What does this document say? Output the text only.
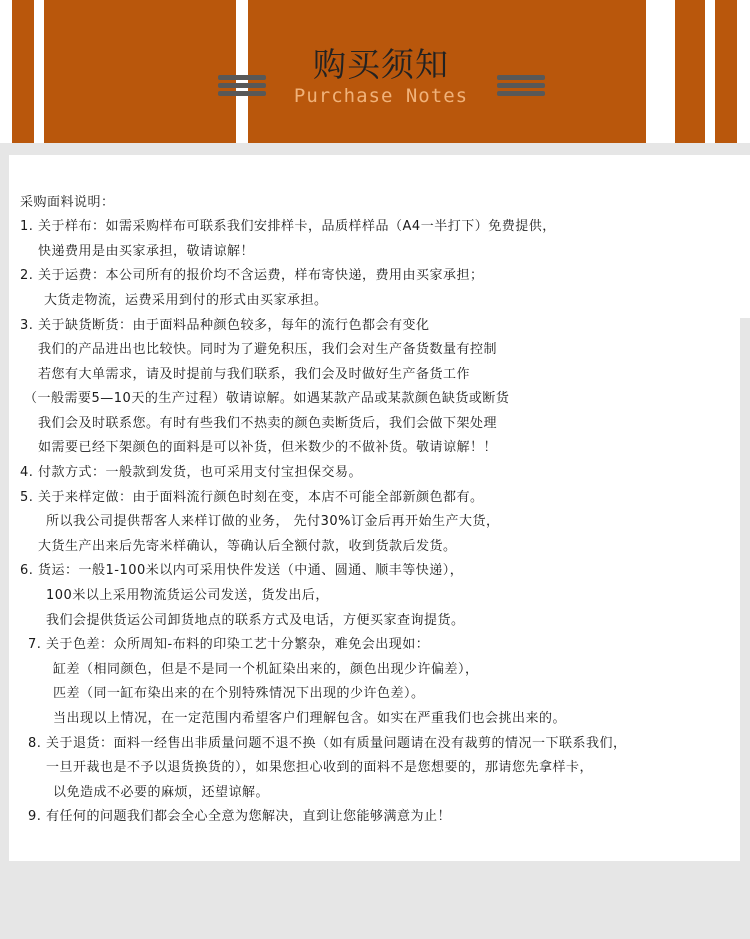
购买须知
Purchase Notes
采购面料说明：
1. 关于样布：如需采购样布可联系我们安排样卡，品质样样品（A4一半打下）免费提供，
快递费用是由买家承担，敬请谅解！
2. 关于运费：本公司所有的报价均不含运费，样布寄快递，费用由买家承担；
大货走物流，运费采用到付的形式由买家承担。
3. 关于缺货断货：由于面料品种颜色较多，每年的流行色都会有变化
我们的产品进出也比较快。同时为了避免积压，我们会对生产备货数量有控制
若您有大单需求，请及时提前与我们联系，我们会及时做好生产备货工作
（一般需要5—10天的生产过程）敬请谅解。如遇某款产品或某款颜色缺货或断货
我们会及时联系您。有时有些我们不热卖的颜色卖断货后，我们会做下架处理
如需要已经下架颜色的面料是可以补货，但米数少的不做补货。敬请谅解！！
4. 付款方式：一般款到发货，也可采用支付宝担保交易。
5. 关于来样定做：由于面料流行颜色时刻在变，本店不可能全部新颜色都有。
所以我公司提供帮客人来样订做的业务， 先付30%订金后再开始生产大货，
大货生产出来后先寄米样确认，等确认后全额付款，收到货款后发货。
6. 货运：一般1-100米以内可采用快件发送（中通、圆通、顺丰等快递），
100米以上采用物流货运公司发送，货发出后，
我们会提供货运公司卸货地点的联系方式及电话，方便买家查询提货。
7. 关于色差：众所周知-布料的印染工艺十分繁杂，难免会出现如：
缸差（相同颜色，但是不是同一个机缸染出来的，颜色出现少许偏差），
匹差（同一缸布染出来的在个别特殊情况下出现的少许色差）。
当出现以上情况，在一定范围内希望客户们理解包含。如实在严重我们也会挑出来的。
8. 关于退货：面料一经售出非质量问题不退不换（如有质量问题请在没有裁剪的情况一下联系我们，
一旦开裁也是不予以退货换货的），如果您担心收到的面料不是您想要的，那请您先拿样卡，
以免造成不必要的麻烦，还望谅解。
9. 有任何的问题我们都会全心全意为您解决，直到让您能够满意为止！
